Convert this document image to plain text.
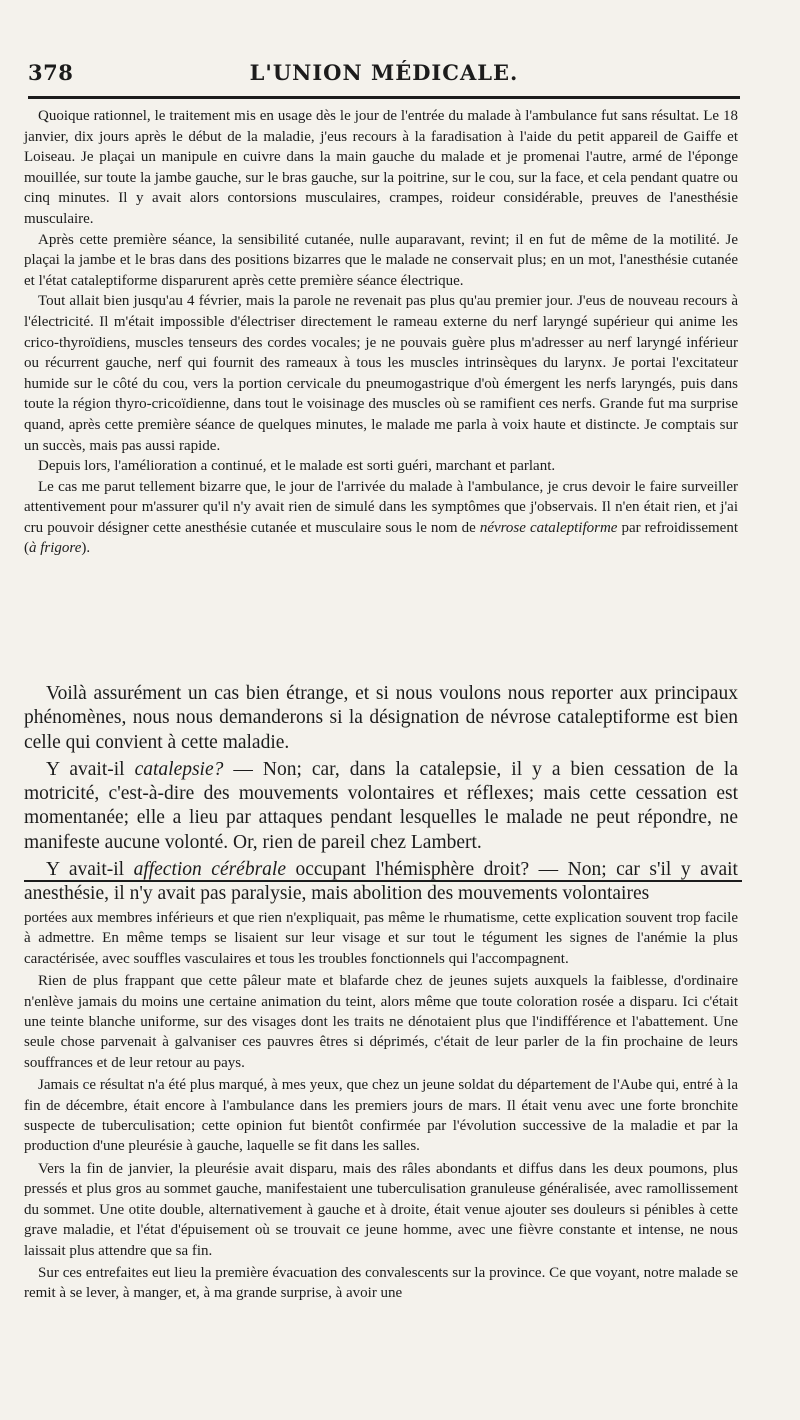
378	L'UNION MÉDICALE.

Quoique rationnel, le traitement mis en usage dès le jour de l'entrée du malade à l'ambulance fut sans résultat. Le 18 janvier, dix jours après le début de la maladie, j'eus recours à la faradisation à l'aide du petit appareil de Gaiffe et Loiseau. Je plaçai un manipule en cuivre dans la main gauche du malade et je promenai l'autre, armé de l'éponge mouillée, sur toute la jambe gauche, sur le bras gauche, sur la poitrine, sur le cou, sur la face, et cela pendant quatre ou cinq minutes. Il y avait alors contorsions musculaires, crampes, roideur considérable, preuves de l'anesthésie musculaire.

Après cette première séance, la sensibilité cutanée, nulle auparavant, revint; il en fut de même de la motilité. Je plaçai la jambe et le bras dans des positions bizarres que le malade ne conservait plus; en un mot, l'anesthésie cutanée et l'état cataleptiforme disparurent après cette première séance électrique.

Tout allait bien jusqu'au 4 février, mais la parole ne revenait pas plus qu'au premier jour. J'eus de nouveau recours à l'électricité. Il m'était impossible d'électriser directement le rameau externe du nerf laryngé supérieur qui anime les crico-thyroïdiens, muscles tenseurs des cordes vocales; je ne pouvais guère plus m'adresser au nerf laryngé inférieur ou récurrent gauche, nerf qui fournit des rameaux à tous les muscles intrinsèques du larynx. Je portai l'excitateur humide sur le côté du cou, vers la portion cervicale du pneumogastrique d'où émergent les nerfs laryngés, puis dans toute la région thyro-cricoïdienne, dans tout le voisinage des muscles où se ramifient ces nerfs. Grande fut ma surprise quand, après cette première séance de quelques minutes, le malade me parla à voix haute et distincte. Je comptais sur un succès, mais pas aussi rapide.

Depuis lors, l'amélioration a continué, et le malade est sorti guéri, marchant et parlant.

Le cas me parut tellement bizarre que, le jour de l'arrivée du malade à l'ambulance, je crus devoir le faire surveiller attentivement pour m'assurer qu'il n'y avait rien de simulé dans les symptômes que j'observais. Il n'en était rien, et j'ai cru pouvoir désigner cette anesthésie cutanée et musculaire sous le nom de névrose cataleptiforme par refroidissement (à frigore).

Voilà assurément un cas bien étrange, et si nous voulons nous reporter aux principaux phénomènes, nous nous demanderons si la désignation de névrose cataleptiforme est bien celle qui convient à cette maladie.

Y avait-il catalepsie? — Non; car, dans la catalepsie, il y a bien cessation de la motricité, c'est-à-dire des mouvements volontaires et réflexes; mais cette cessation est momentanée; elle a lieu par attaques pendant lesquelles le malade ne peut répondre, ne manifeste aucune volonté. Or, rien de pareil chez Lambert.

Y avait-il affection cérébrale occupant l'hémisphère droit? — Non; car s'il y avait anesthésie, il n'y avait pas paralysie, mais abolition des mouvements volontaires

portées aux membres inférieurs et que rien n'expliquait, pas même le rhumatisme, cette explication souvent trop facile à admettre. En même temps se lisaient sur leur visage et sur tout le tégument les signes de l'anémie la plus caractérisée, avec souffles vasculaires et tous les troubles fonctionnels qui l'accompagnent.

Rien de plus frappant que cette pâleur mate et blafarde chez de jeunes sujets auxquels la faiblesse, d'ordinaire n'enlève jamais du moins une certaine animation du teint, alors même que toute coloration rosée a disparu. Ici c'était une teinte blanche uniforme, sur des visages dont les traits ne dénotaient plus que l'indifférence et l'abattement. Une seule chose parvenait à galvaniser ces pauvres êtres si déprimés, c'était de leur parler de la fin prochaine de leurs souffrances et de leur retour au pays.

Jamais ce résultat n'a été plus marqué, à mes yeux, que chez un jeune soldat du département de l'Aube qui, entré à la fin de décembre, était encore à l'ambulance dans les premiers jours de mars. Il était venu avec une forte bronchite suspecte de tuberculisation; cette opinion fut bientôt confirmée par l'évolution successive de la maladie et par la production d'une pleurésie à gauche, laquelle se fit dans les salles.

Vers la fin de janvier, la pleurésie avait disparu, mais des râles abondants et diffus dans les deux poumons, plus pressés et plus gros au sommet gauche, manifestaient une tuberculisation granuleuse généralisée, avec ramollissement du sommet. Une otite double, alternativement à gauche et à droite, était venue ajouter ses douleurs si pénibles à cette grave maladie, et l'état d'épuisement où se trouvait ce jeune homme, avec une fièvre constante et intense, ne nous laissait plus attendre que sa fin.

Sur ces entrefaites eut lieu la première évacuation des convalescents sur la province. Ce que voyant, notre malade se remit à se lever, à manger, et, à ma grande surprise, à avoir une
